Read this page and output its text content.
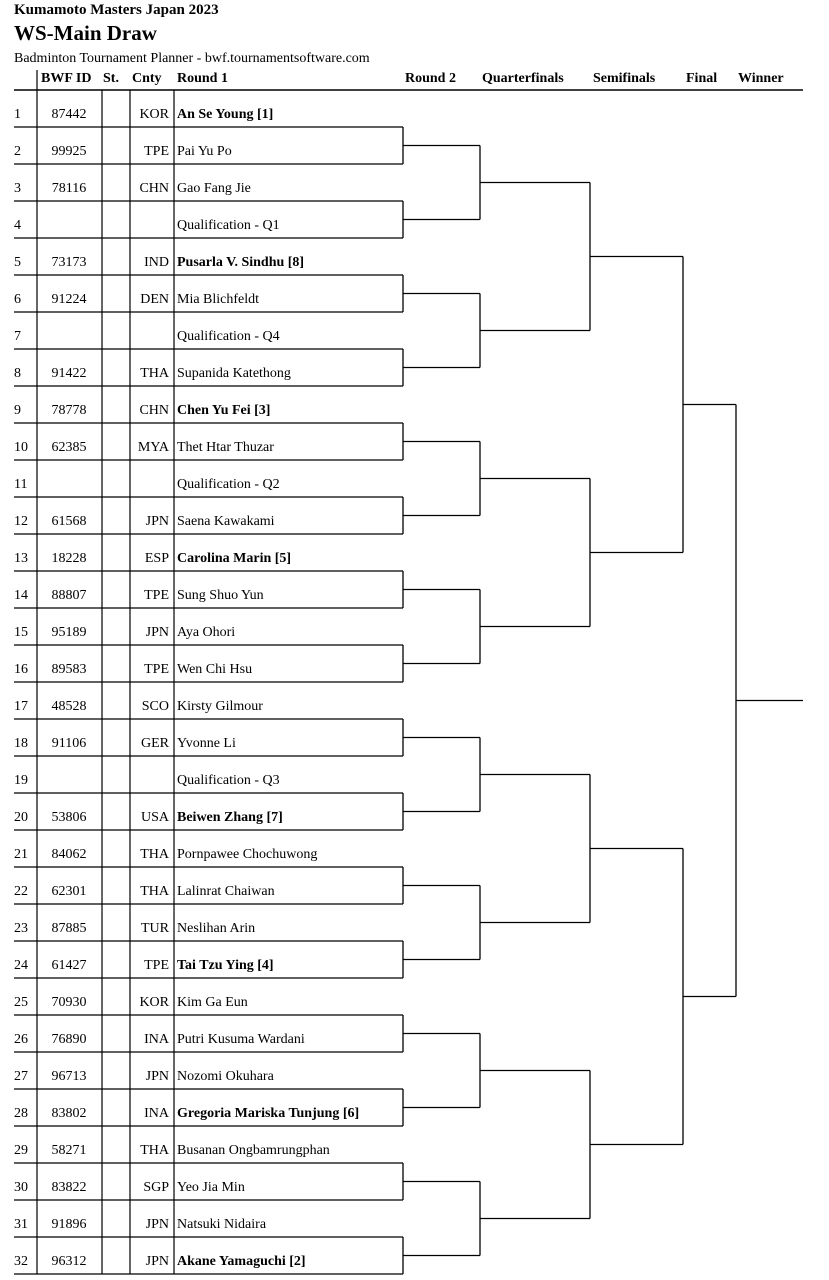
Kumamoto Masters Japan 2023
WS-Main Draw
Badminton Tournament Planner - bwf.tournamentsoftware.com
BWF ID St. Cnty Round 1	Round 2 Quarterfinals Semifinals Final Winner
1	87442	KOR An Se Young [1]
2	99925	TPE Pai Yu Po
3	78116	CHN Gao Fang Jie
4	Qualification - Q1
5	73173	IND Pusarla V. Sindhu [8]
6	91224	DEN Mia Blichfeldt
7	Qualification - Q4
8	91422	THA Supanida Katethong
9	78778	CHN Chen Yu Fei [3]
10	62385	MYA Thet Htar Thuzar
11	Qualification - Q2
12	61568	JPN Saena Kawakami
13	18228	ESP Carolina Marin [5]
14	88807	TPE Sung Shuo Yun
15	95189	JPN Aya Ohori
16	89583	TPE Wen Chi Hsu
17	48528	SCO Kirsty Gilmour
18	91106	GER Yvonne Li
19	Qualification - Q3
20	53806	USA Beiwen Zhang [7]
21	84062	THA Pornpawee Chochuwong
22	62301	THA Lalinrat Chaiwan
23	87885	TUR Neslihan Arin
24	61427	TPE Tai Tzu Ying [4]
25	70930	KOR Kim Ga Eun
26	76890	INA Putri Kusuma Wardani
27	96713	JPN Nozomi Okuhara
28	83802	INA Gregoria Mariska Tunjung [6]
29	58271	THA Busanan Ongbamrungphan
30	83822	SGP Yeo Jia Min
31	91896	JPN Natsuki Nidaira
32	96312	JPN Akane Yamaguchi [2]
